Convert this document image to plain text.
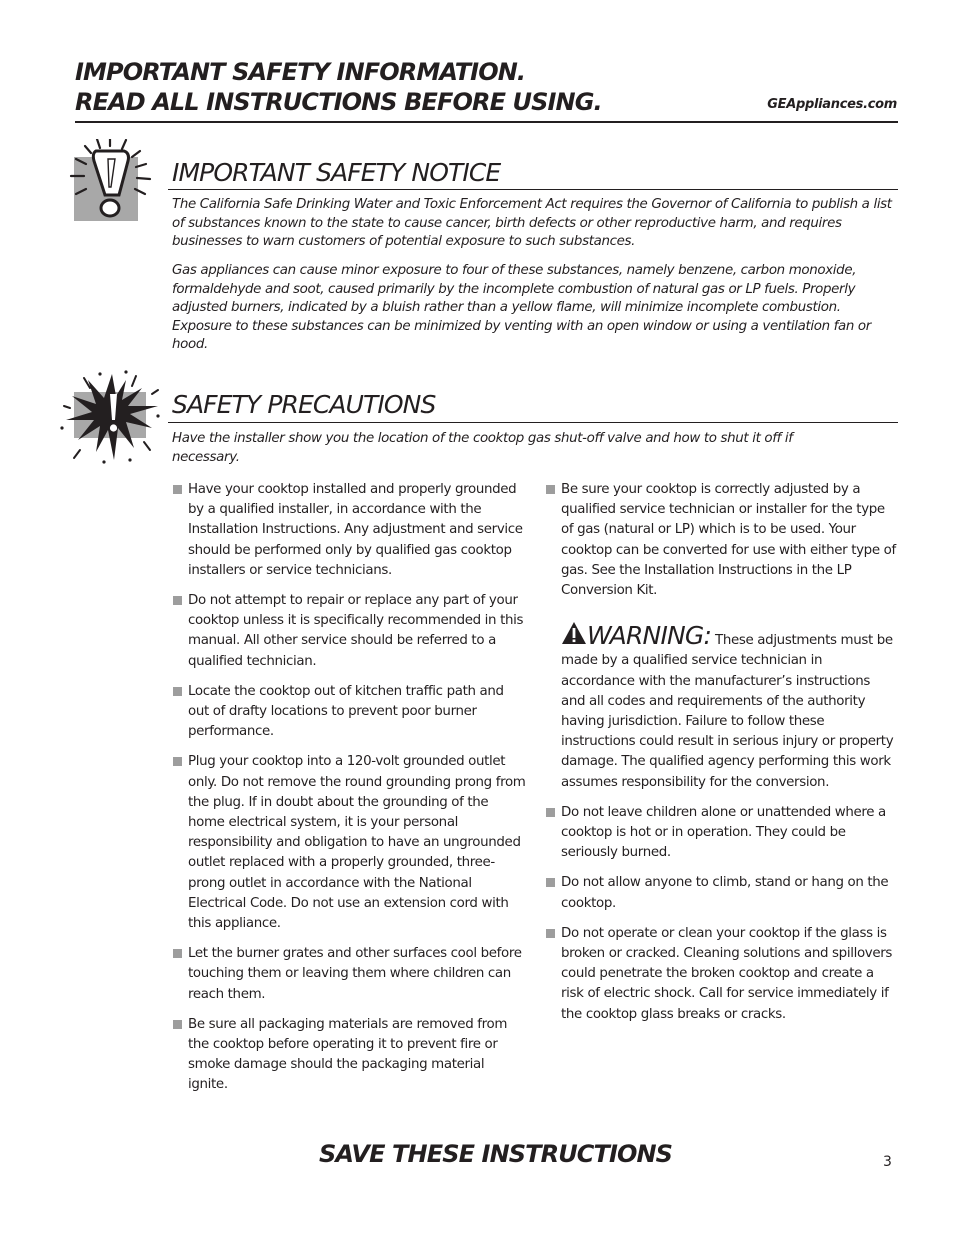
IMPORTANT SAFETY INFORMATION.
READ ALL INSTRUCTIONS BEFORE USING.	GEAppliances.com
IMPORTANT SAFETY NOTICE

The California Safe Drinking Water and Toxic Enforcement Act requires the Governor of California to publish a list of substances known to the state to cause cancer, birth defects or other reproductive harm, and requires businesses to warn customers of potential exposure to such substances.

Gas appliances can cause minor exposure to four of these substances, namely benzene, carbon monoxide, formaldehyde and soot, caused primarily by the incomplete combustion of natural gas or LP fuels. Properly adjusted burners, indicated by a bluish rather than a yellow flame, will minimize incomplete combustion. Exposure to these substances can be minimized by venting with an open window or using a ventilation fan or hood.

SAFETY PRECAUTIONS

Have the installer show you the location of the cooktop gas shut-off valve and how to shut it off if necessary.

Have your cooktop installed and properly grounded by a qualified installer, in accordance with the Installation Instructions. Any adjustment and service should be performed only by qualified gas cooktop installers or service technicians.
Do not attempt to repair or replace any part of your cooktop unless it is specifically recommended in this manual. All other service should be referred to a qualified technician.
Locate the cooktop out of kitchen traffic path and out of drafty locations to prevent poor burner performance.
Plug your cooktop into a 120-volt grounded outlet only. Do not remove the round grounding prong from the plug. If in doubt about the grounding of the home electrical system, it is your personal responsibility and obligation to have an ungrounded outlet replaced with a properly grounded, three-prong outlet in accordance with the National Electrical Code. Do not use an extension cord with this appliance.
Let the burner grates and other surfaces cool before touching them or leaving them where children can reach them.
Be sure all packaging materials are removed from the cooktop before operating it to prevent fire or smoke damage should the packaging material ignite.
Be sure your cooktop is correctly adjusted by a qualified service technician or installer for the type of gas (natural or LP) which is to be used. Your cooktop can be converted for use with either type of gas. See the Installation Instructions in the LP Conversion Kit.
WARNING: These adjustments must be made by a qualified service technician in accordance with the manufacturer’s instructions and all codes and requirements of the authority having jurisdiction. Failure to follow these instructions could result in serious injury or property damage. The qualified agency performing this work assumes responsibility for the conversion.
Do not leave children alone or unattended where a cooktop is hot or in operation. They could be seriously burned.
Do not allow anyone to climb, stand or hang on the cooktop.
Do not operate or clean your cooktop if the glass is broken or cracked. Cleaning solutions and spillovers could penetrate the broken cooktop and create a risk of electric shock. Call for service immediately if the cooktop glass breaks or cracks.
SAVE THESE INSTRUCTIONS	3
